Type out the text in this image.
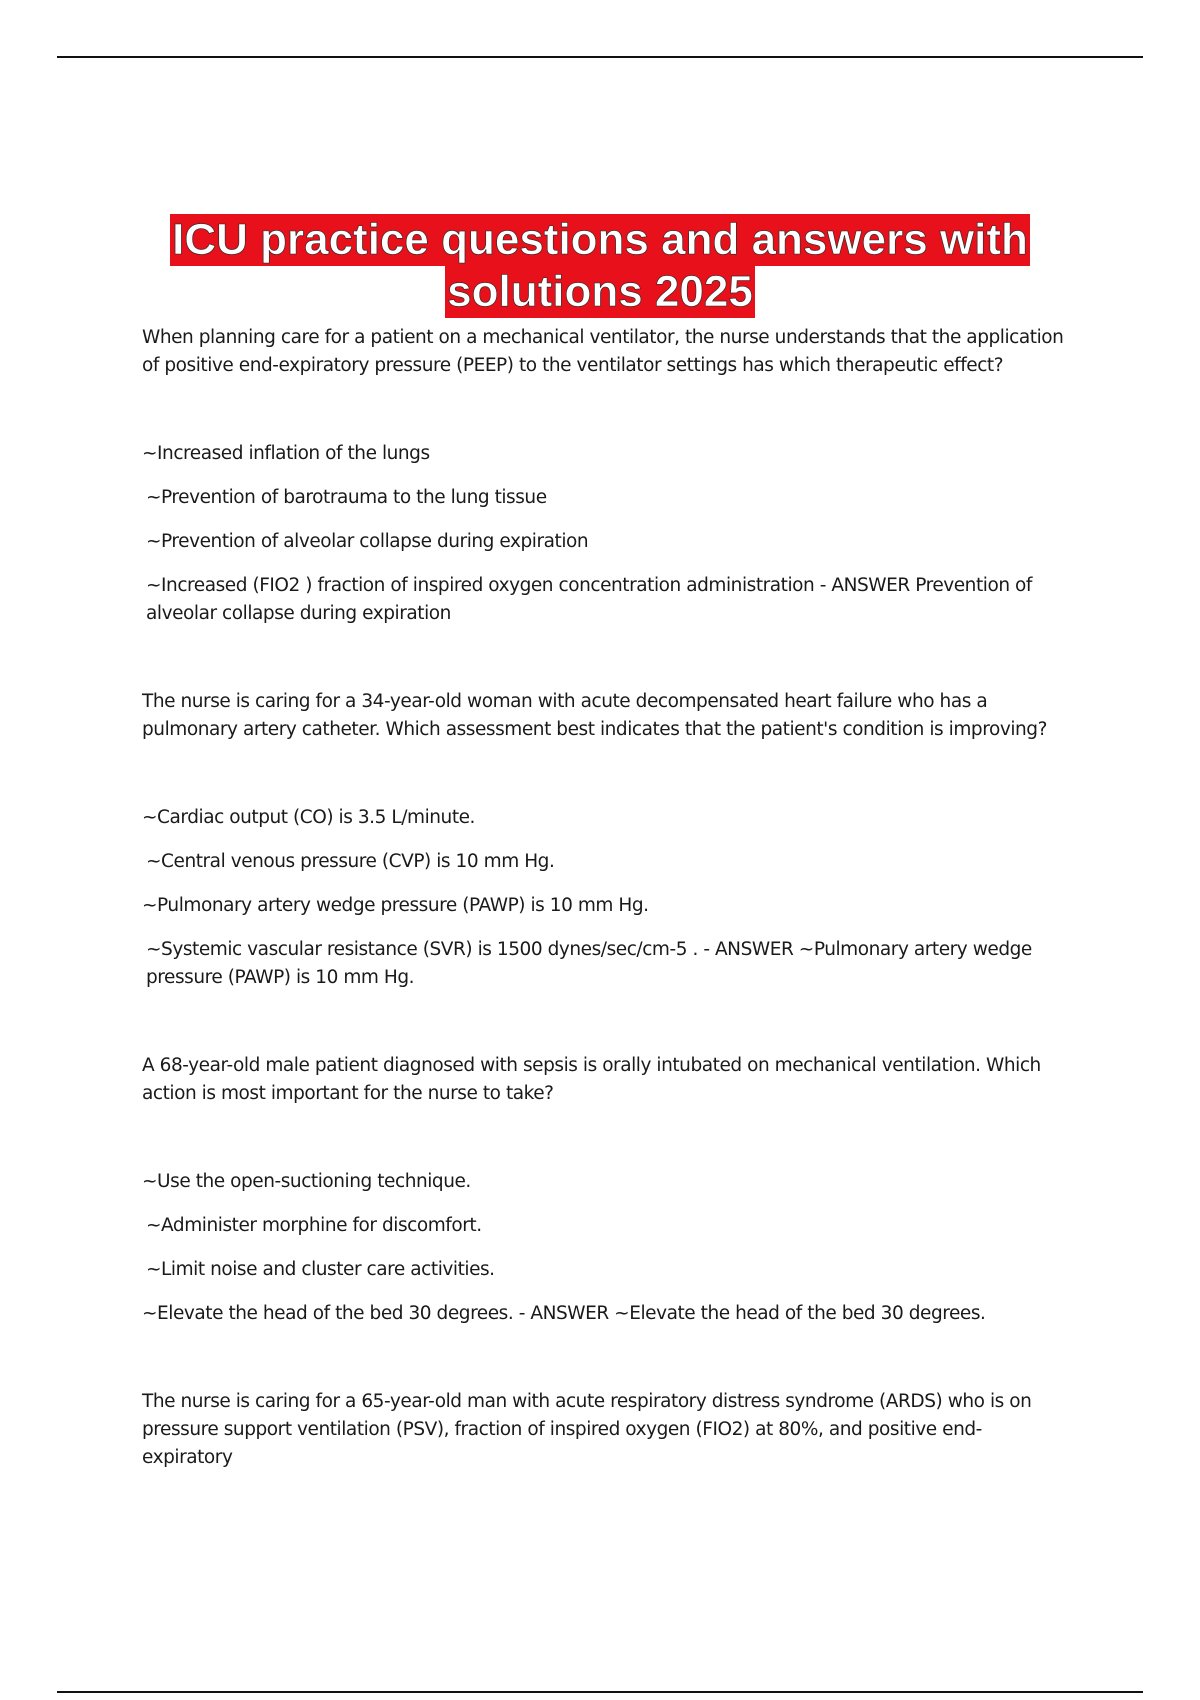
ICU practice questions and answers with
solutions 2025

When planning care for a patient on a mechanical ventilator, the nurse understands that the application of positive end-expiratory pressure (PEEP) to the ventilator settings has which therapeutic effect?

~Increased inflation of the lungs

~Prevention of barotrauma to the lung tissue

~Prevention of alveolar collapse during expiration

~Increased (FIO2 ) fraction of inspired oxygen concentration administration - ANSWER Prevention of alveolar collapse during expiration

The nurse is caring for a 34-year-old woman with acute decompensated heart failure who has a pulmonary artery catheter. Which assessment best indicates that the patient's condition is improving?

~Cardiac output (CO) is 3.5 L/minute.

~Central venous pressure (CVP) is 10 mm Hg.

~Pulmonary artery wedge pressure (PAWP) is 10 mm Hg.

~Systemic vascular resistance (SVR) is 1500 dynes/sec/cm-5 . - ANSWER ~Pulmonary artery wedge pressure (PAWP) is 10 mm Hg.

A 68-year-old male patient diagnosed with sepsis is orally intubated on mechanical ventilation. Which action is most important for the nurse to take?

~Use the open-suctioning technique.

~Administer morphine for discomfort.

~Limit noise and cluster care activities.

~Elevate the head of the bed 30 degrees. - ANSWER ~Elevate the head of the bed 30 degrees.

The nurse is caring for a 65-year-old man with acute respiratory distress syndrome (ARDS) who is on pressure support ventilation (PSV), fraction of inspired oxygen (FIO2) at 80%, and positive end-expiratory
